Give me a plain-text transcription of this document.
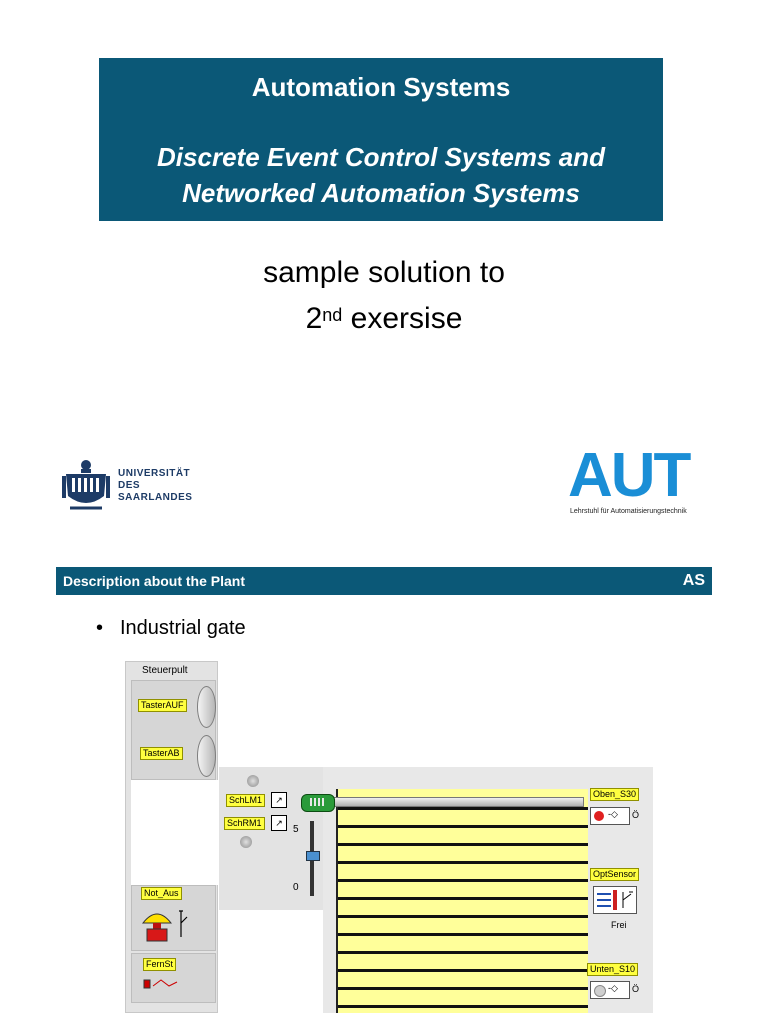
Automation Systems
Discrete Event Control Systems and
Networked Automation Systems
sample solution to
2nd exersise
UNIVERSITÄT
DES
SAARLANDES	AUT
Lehrstuhl für Automatisierungstechnik
Description about the Plant	AS
• Industrial gate
Steuerpult
TasterAUF
TasterAB
Not_Aus
FernSt
SchLM1	↗
SchRM1	↗
5
0
Oben_S30
-◇ Ö
OptSensor
Frei
Unten_S10
-◇ Ö
